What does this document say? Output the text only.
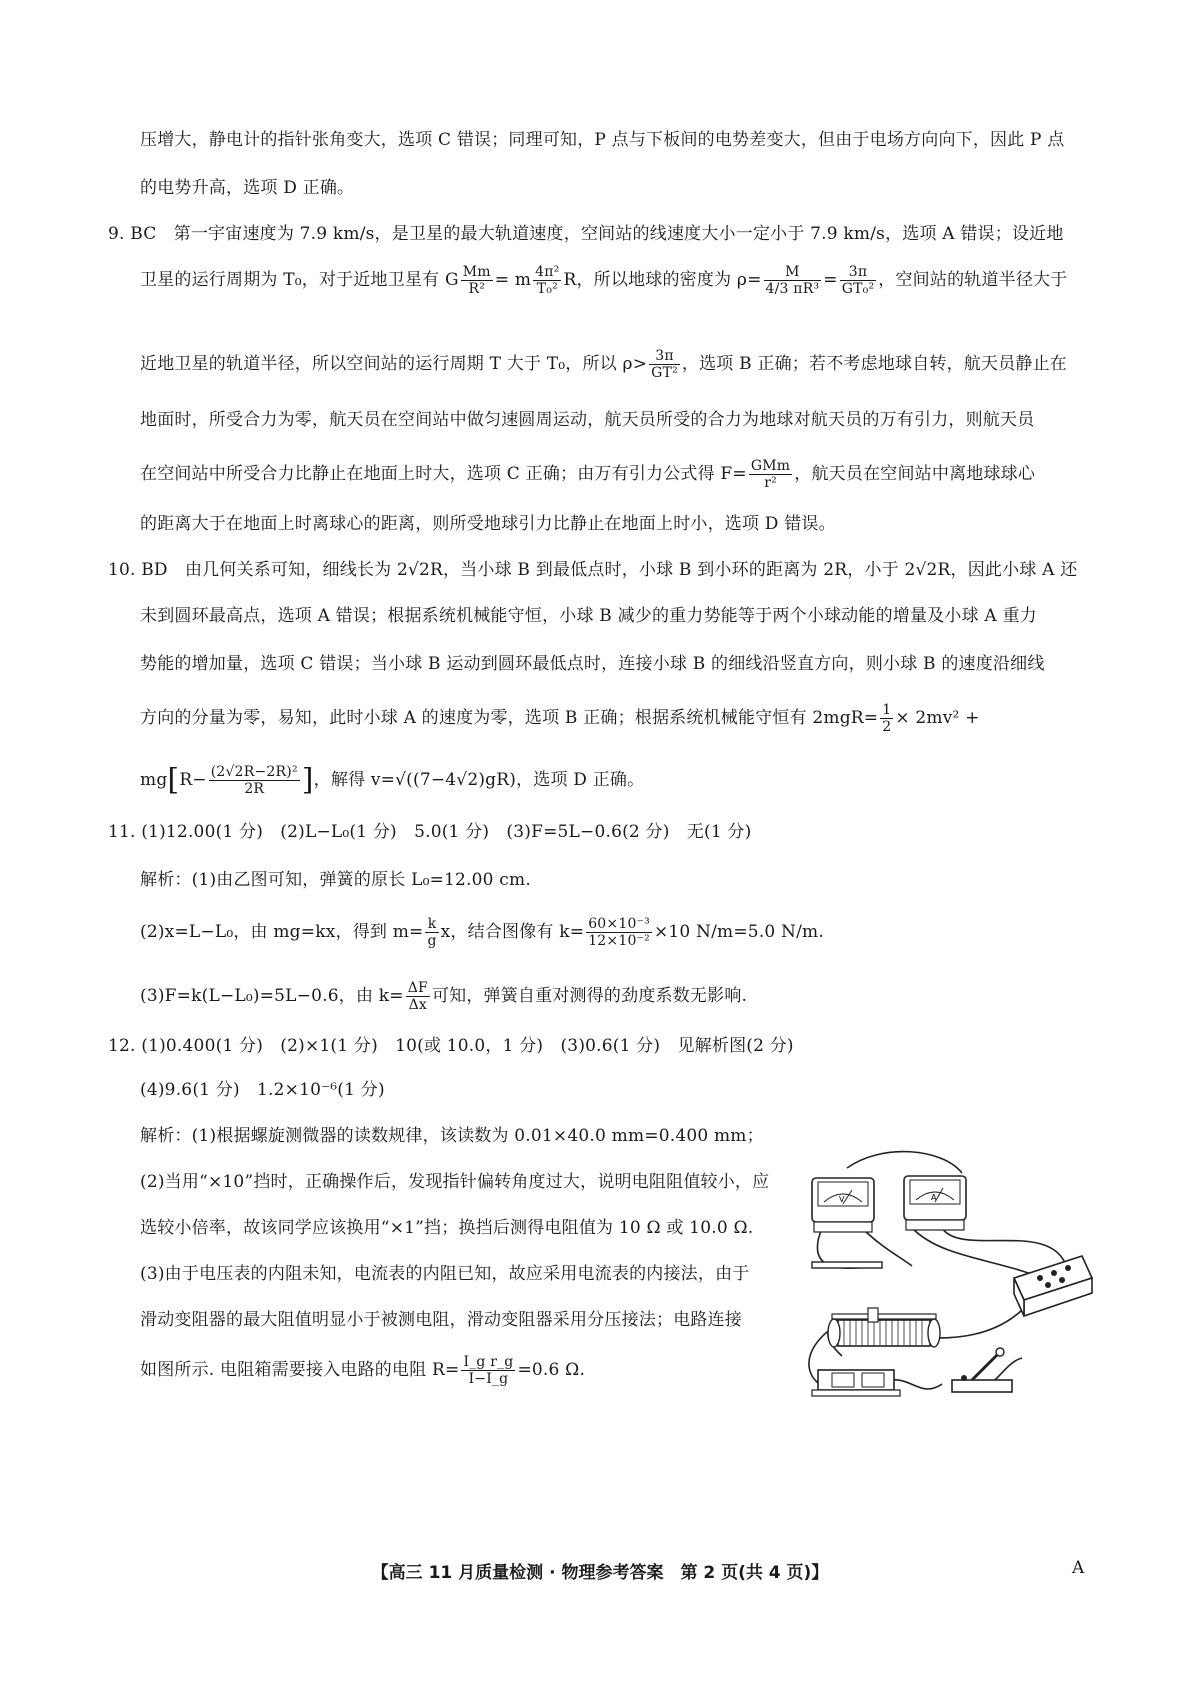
压增大，静电计的指针张角变大，选项 C 错误；同理可知，P 点与下板间的电势差变大，但由于电场方向向下，因此 P 点
的电势升高，选项 D 正确。
9. BC　第一宇宙速度为 7.9 km/s，是卫星的最大轨道速度，空间站的线速度大小一定小于 7.9 km/s，选项 A 错误；设近地
卫星的运行周期为 T₀，对于近地卫星有 G $\frac{Mm}{\text{R²}} = m \frac{\text{4π²}}{\text{T₀²}}$ R，所以地球的密度为 $\rho= \frac{M}{\text{4/3 πR³}} = \frac{3\pi}{\text{GT₀²}}$ ，空间站的轨道半径大于
近地卫星的轨道半径，所以空间站的运行周期 T 大于 T₀，所以 $\rho> \frac{3\pi}{\text{GT²}}$ ，选项 B 正确；若不考虑地球自转，航天员静止在
地面时，所受合力为零，航天员在空间站中做匀速圆周运动，航天员所受的合力为地球对航天员的万有引力，则航天员
在空间站中所受合力比静止在地面上时大，选项 C 正确；由万有引力公式得 $F= \frac{\text{GMm}}{\text{r²}}$ ，航天员在空间站中离地球球心
的距离大于在地面上时离球心的距离，则所受地球引力比静止在地面上时小，选项 D 错误。
10. BD　由几何关系可知，细线长为 2√2R，当小球 B 到最低点时，小球 B 到小环的距离为 2R，小于 2√2R，因此小球 A 还
未到圆环最高点，选项 A 错误；根据系统机械能守恒，小球 B 减少的重力势能等于两个小球动能的增量及小球 A 重力
势能的增加量，选项 C 错误；当小球 B 运动到圆环最低点时，连接小球 B 的细线沿竖直方向，则小球 B 的速度沿细线
方向的分量为零，易知，此时小球 A 的速度为零，选项 B 正确；根据系统机械能守恒有 $2mgR= \frac{1}{2} \times 2mv^2$ +
$mg[R- \frac{\text{(2√2R−2R)²}}{2R}$ ]，解得 v=√((7−4√2)gR)，选项 D 正确。
11. (1)12.00(1 分)　(2)L−L₀(1 分)　5.0(1 分)　(3)F=5L−0.6(2 分)　无(1 分)
解析：(1)由乙图可知，弹簧的原长 L₀=12.00 cm.
(2)x=L−L₀，由 mg=kx，得到 $m= \frac{k}{g}$ x，结合图像有 $k= \frac{\text{60×10⁻³}}{\text{12×10⁻²}} \times 10$ N/m=5.0 N/m.
(3)F=k(L−L₀)=5L−0.6，由 $k= \frac{\Delta F}{\Delta x}$ 可知，弹簧自重对测得的劲度系数无影响.
12. (1)0.400(1 分)　(2)×1(1 分)　10(或 10.0，1 分)　(3)0.6(1 分)　见解析图(2 分)
(4)9.6(1 分)　1.2×10⁻⁶(1 分)
解析：(1)根据螺旋测微器的读数规律，该读数为 0.01×40.0 mm=0.400 mm；
(2)当用“×10”挡时，正确操作后，发现指针偏转角度过大，说明电阻阻值较小，应
选较小倍率，故该同学应该换用“×1”挡；换挡后测得电阻值为 10 Ω 或 10.0 Ω.
(3)由于电压表的内阻未知，电流表的内阻已知，故应采用电流表的内接法，由于
滑动变阻器的最大阻值明显小于被测电阻，滑动变阻器采用分压接法；电路连接
如图所示. 电阻箱需要接入电路的电阻 $R= \frac{\text{I\_g r\_g}}{I-I\_g} =0.6$ Ω.
V	A
【高三 11 月质量检测 · 物理参考答案　第 2 页(共 4 页)】	A
